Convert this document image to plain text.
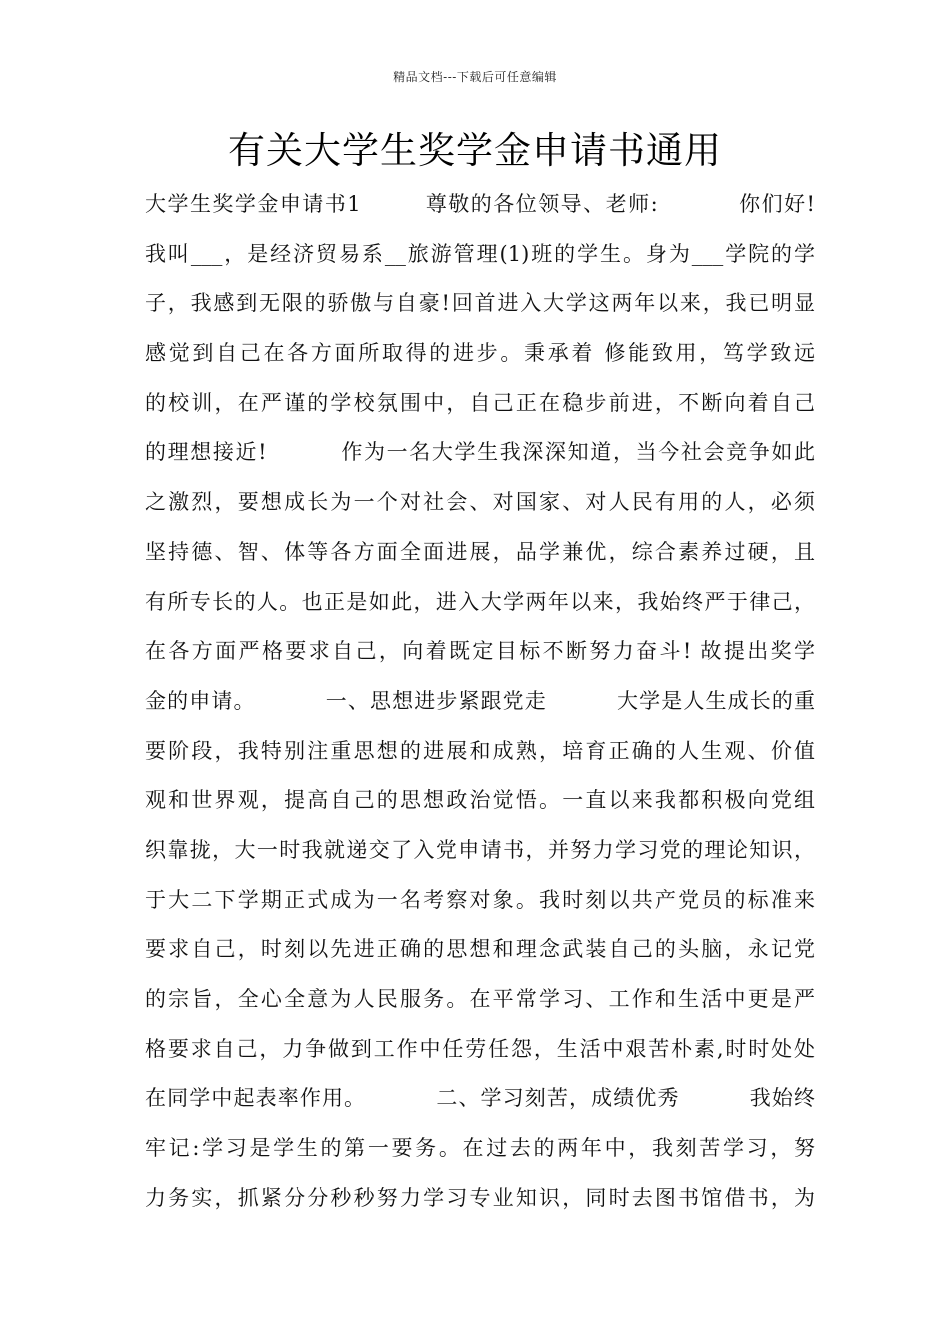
精品文档---下载后可任意编辑
有关大学生奖学金申请书通用
大学生奖学金申请书1        尊敬的各位领导、老师:          你们好!
我叫___，是经济贸易系__旅游管理(1)班的学生。身为___学院的学
子，我感到无限的骄傲与自豪!回首进入大学这两年以来，我已明显
感觉到自己在各方面所取得的进步。秉承着 修能致用，笃学致远
的校训，在严谨的学校氛围中，自己正在稳步前进，不断向着自己
的理想接近!         作为一名大学生我深深知道，当今社会竞争如此
之激烈，要想成长为一个对社会、对国家、对人民有用的人，必须
坚持德、智、体等各方面全面进展，品学兼优，综合素养过硬，且
有所专长的人。也正是如此，进入大学两年以来，我始终严于律己，
在各方面严格要求自己，向着既定目标不断努力奋斗! 故提出奖学
金的申请。         一、思想进步紧跟党走         大学是人生成长的重
要阶段，我特别注重思想的进展和成熟，培育正确的人生观、价值
观和世界观，提高自己的思想政治觉悟。一直以来我都积极向党组
织靠拢，大一时我就递交了入党申请书，并努力学习党的理论知识，
于大二下学期正式成为一名考察对象。我时刻以共产党员的标准来
要求自己，时刻以先进正确的思想和理念武装自己的头脑，永记党
的宗旨，全心全意为人民服务。在平常学习、工作和生活中更是严
格要求自己，力争做到工作中任劳任怨，生活中艰苦朴素,时时处处
在同学中起表率作用。         二、学习刻苦，成绩优秀         我始终
牢记:学习是学生的第一要务。在过去的两年中，我刻苦学习，努
力务实，抓紧分分秒秒努力学习专业知识，同时去图书馆借书，为
